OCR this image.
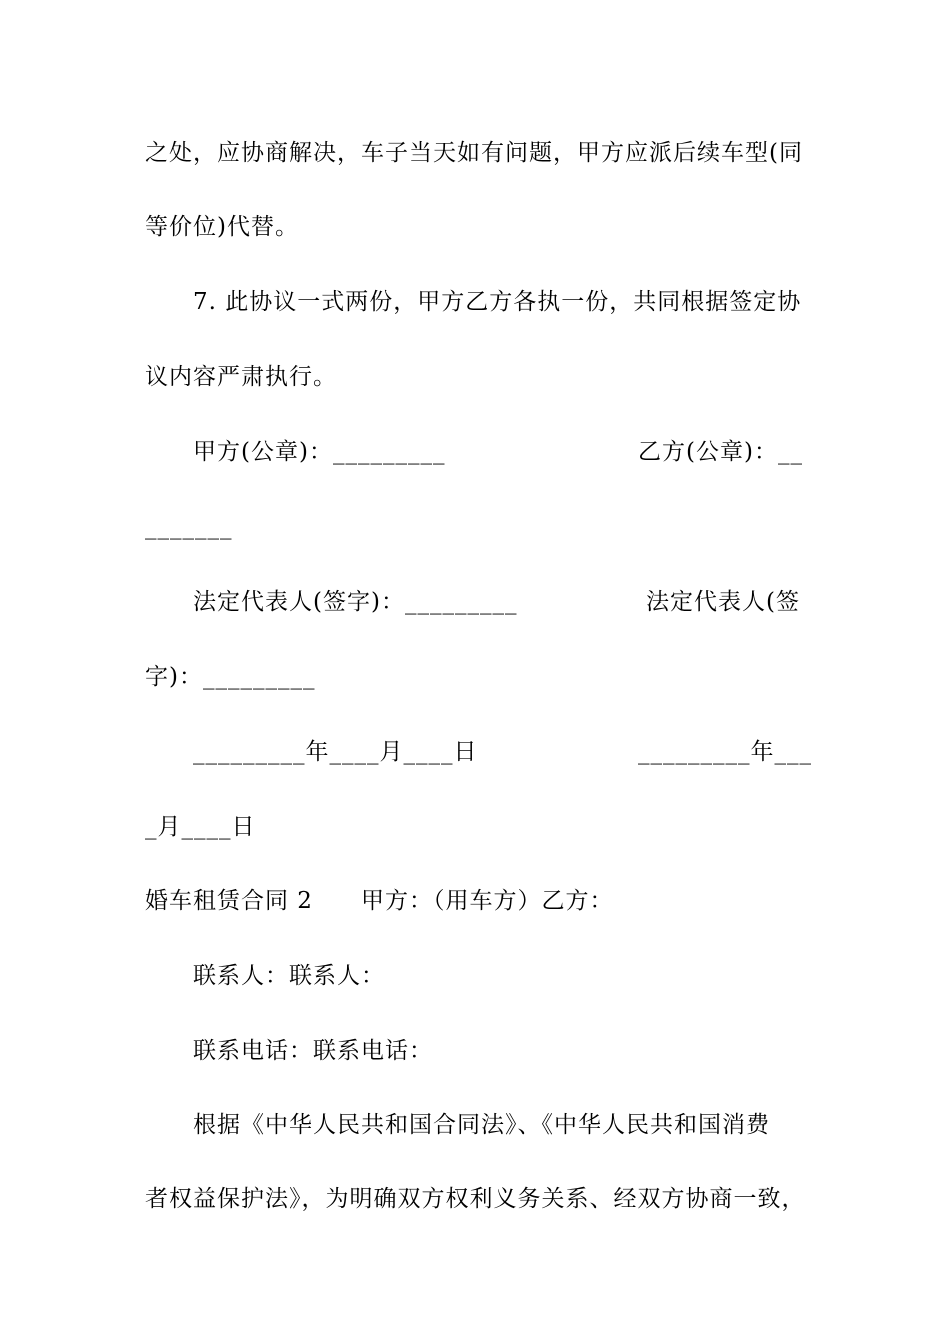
之处，应协商解决，车子当天如有问题，甲方应派后续车型(同
等价位)代替。
7. 此协议一式两份，甲方乙方各执一份，共同根据签定协
议内容严肃执行。
甲方(公章)：_________	乙方(公章)：__
_______
法定代表人(签字)：_________	法定代表人(签
字)：_________
_________年____月____日	_________年___
_月____日
婚车租赁合同 2 甲方：（用车方）乙方：
联系人：联系人：
联系电话：联系电话：
根据《中华人民共和国合同法》、《中华人民共和国消费
者权益保护法》，为明确双方权利义务关系、经双方协商一致，
